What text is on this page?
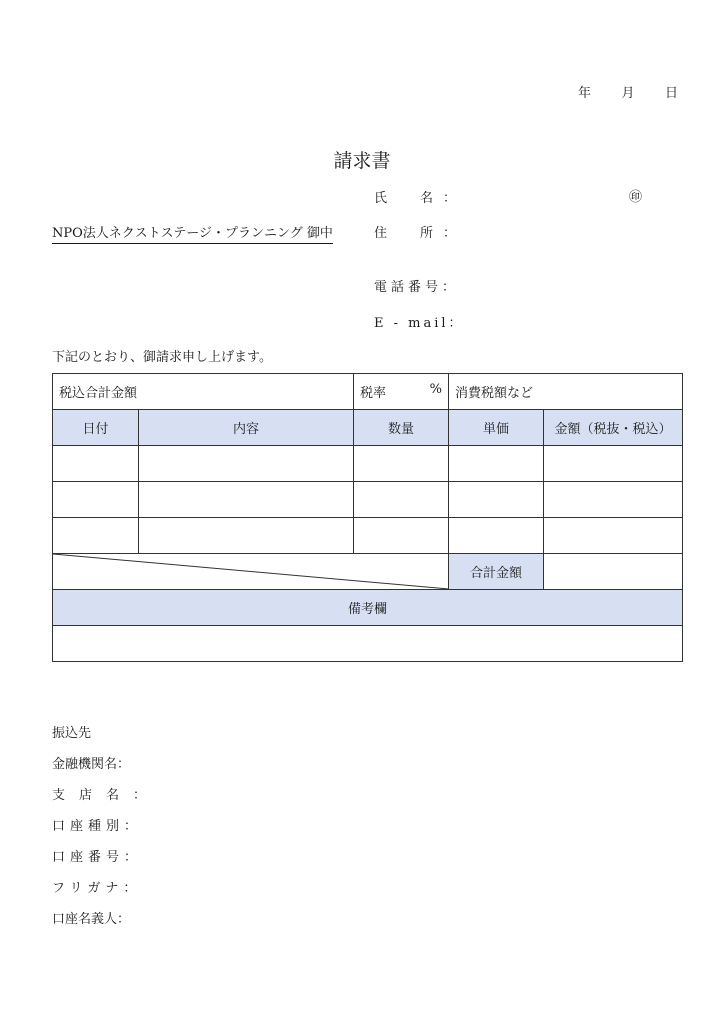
年 月 日
請求書
NPO法人ネクストステージ・プランニング 御中
氏　名：	㊞
住　所：
電話番号：
E - mail：
下記のとおり、御請求申し上げます。
税込合計金額		税率 %	消費税額など	
日付	内容	数量	単価	金額（税抜・税込）

	合計金額	
備考欄				

振込先
金融機関名：
支店名：
口座種別：
口座番号：
フリガナ：
口座名義人：
